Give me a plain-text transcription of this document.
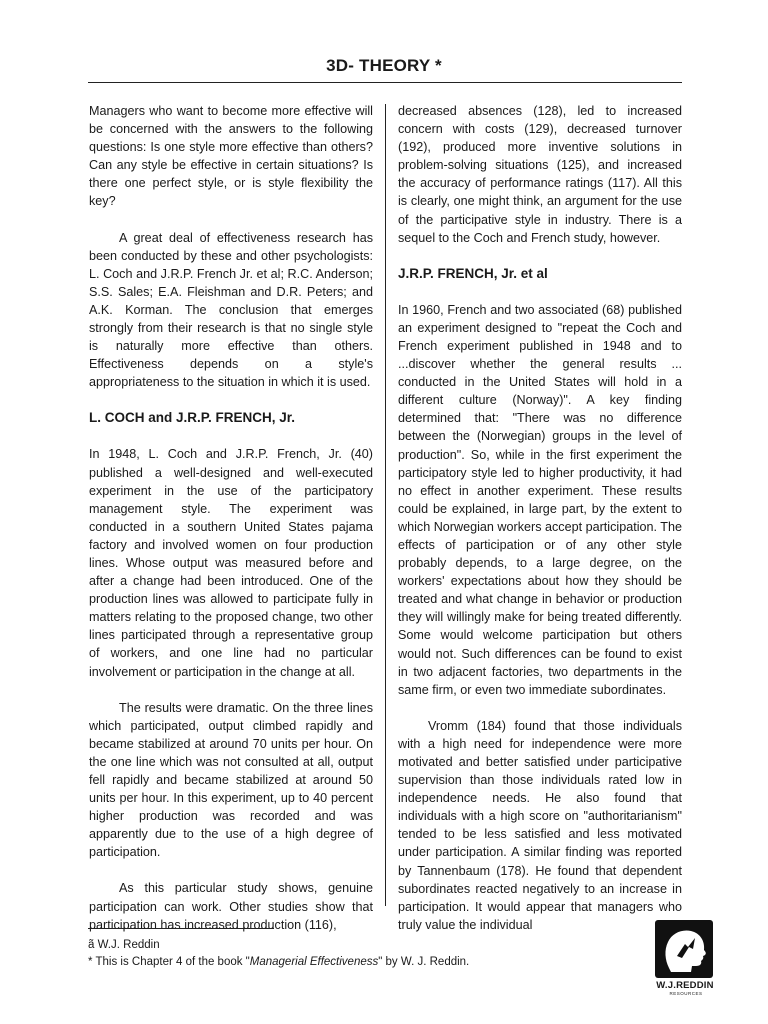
3D- THEORY *

Managers who want to become more effective will be concerned with the answers to the following questions: Is one style more effective than others? Can any style be effective in certain situations? Is there one perfect style, or is style flexibility the key?

A great deal of effectiveness research has been conducted by these and other psychologists: L. Coch and J.R.P. French Jr. et al; R.C. Anderson; S.S. Sales; E.A. Fleishman and D.R. Peters; and A.K. Korman. The conclusion that emerges strongly from their research is that no single style is naturally more effective than others. Effectiveness depends on a style's appropriateness to the situation in which it is used.

L. COCH and J.R.P. FRENCH, Jr.

In 1948, L. Coch and J.R.P. French, Jr. (40) published a well-designed and well-executed experiment in the use of the participatory management style. The experiment was conducted in a southern United States pajama factory and involved women on four production lines. Whose output was measured before and after a change had been introduced. One of the production lines was allowed to participate fully in matters relating to the proposed change, two other lines participated through a representative group of workers, and one line had no particular involvement or participation in the change at all.

The results were dramatic. On the three lines which participated, output climbed rapidly and became stabilized at around 70 units per hour. On the one line which was not consulted at all, output fell rapidly and became stabilized at around 50 units per hour. In this experiment, up to 40 percent higher production was recorded and was apparently due to the use of a high degree of participation.

As this particular study shows, genuine participation can work. Other studies show that participation has increased production (116),

decreased absences (128), led to increased concern with costs (129), decreased turnover (192), produced more inventive solutions in problem-solving situations (125), and increased the accuracy of performance ratings (117). All this is clearly, one might think, an argument for the use of the participative style in industry. There is a sequel to the Coch and French study, however.

J.R.P. FRENCH, Jr. et al

In 1960, French and two associated (68) published an experiment designed to "repeat the Coch and French experiment published in 1948 and to ...discover whether the general results ... conducted in the United States will hold in a different culture (Norway)". A key finding determined that: "There was no difference between the (Norwegian) groups in the level of production". So, while in the first experiment the participatory style led to higher productivity, it had no effect in another experiment. These results could be explained, in large part, by the extent to which Norwegian workers accept participation. The effects of participation or of any other style probably depends, to a large degree, on the workers' expectations about how they should be treated and what change in behavior or production they will willingly make for being treated differently. Some would welcome participation but others would not. Such differences can be found to exist in two adjacent factories, two departments in the same firm, or even two immediate subordinates.

Vromm (184) found that those individuals with a high need for independence were more motivated and better satisfied under participative supervision than those individuals rated low in independence needs. He also found that individuals with a high score on "authoritarianism" tended to be less satisfied and less motivated under participation. A similar finding was reported by Tannenbaum (178). He found that dependent subordinates reacted negatively to an increase in participation. It would appear that managers who truly value the individual

ã W.J. Reddin
* This is Chapter 4 of the book "Managerial Effectiveness" by W. J. Reddin.
W.J.REDDIN
RESOURCES
